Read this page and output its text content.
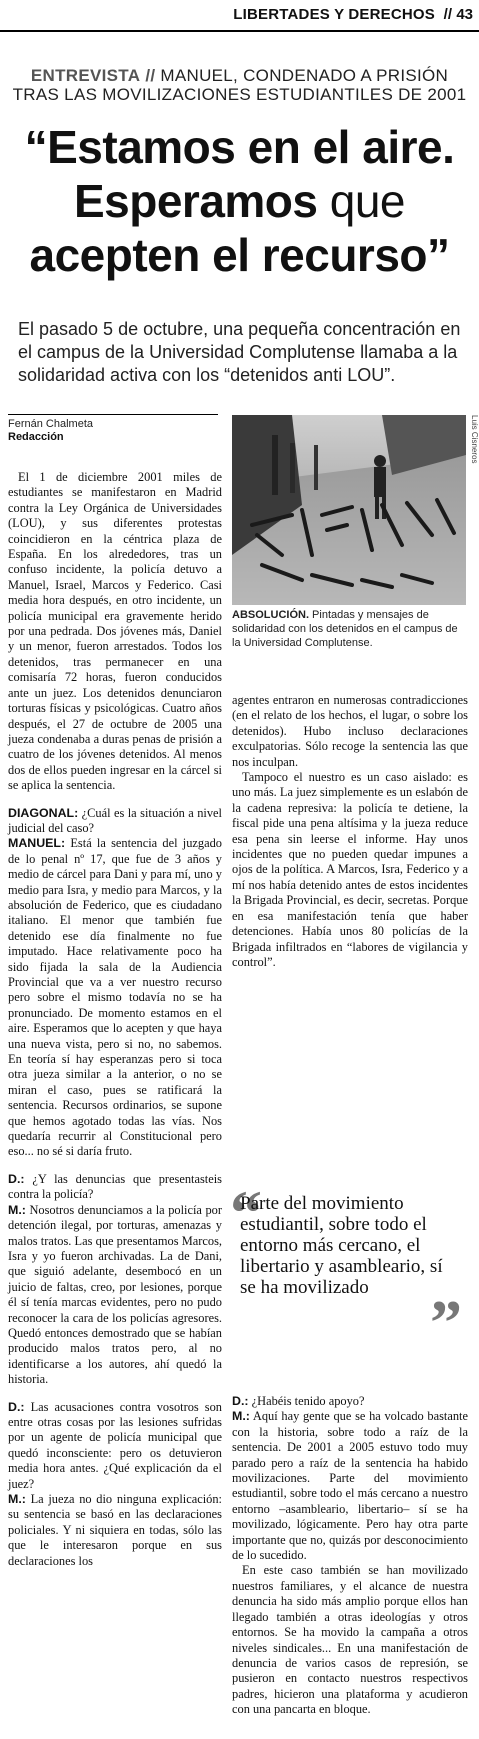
LIBERTADES Y DERECHOS // 43
ENTREVISTA // MANUEL, CONDENADO A PRISIÓN TRAS LAS MOVILIZACIONES ESTUDIANTILES DE 2001
“Estamos en el aire.
Esperamos que
acepten el recurso”
El pasado 5 de octubre, una pequeña concentración en el campus de la Universidad Complutense llamaba a la solidaridad activa con los “detenidos anti LOU”.
Fernán Chalmeta
Redacción

El 1 de diciembre 2001 miles de estudiantes se manifestaron en Madrid contra la Ley Orgánica de Universidades (LOU), y sus diferentes protestas coincidieron en la céntrica plaza de España. En los alrededores, tras un confuso incidente, la policía detuvo a Manuel, Israel, Marcos y Federico. Casi media hora después, en otro incidente, un policía municipal era gravemente herido por una pedrada. Dos jóvenes más, Daniel y un menor, fueron arrestados. Todos los detenidos, tras permanecer en una comisaría 72 horas, fueron conducidos ante un juez. Los detenidos denunciaron torturas físicas y psicológicas. Cuatro años después, el 27 de octubre de 2005 una jueza condenaba a duras penas de prisión a cuatro de los jóvenes detenidos. Al menos dos de ellos pueden ingresar en la cárcel si se aplica la sentencia.

DIAGONAL: ¿Cuál es la situación a nivel judicial del caso?

MANUEL: Está la sentencia del juzgado de lo penal nº 17, que fue de 3 años y medio de cárcel para Dani y para mí, uno y medio para Isra, y medio para Marcos, y la absolución de Federico, que es ciudadano italiano. El menor que también fue detenido ese día finalmente no fue imputado. Hace relativamente poco ha sido fijada la sala de la Audiencia Provincial que va a ver nuestro recurso pero sobre el mismo todavía no se ha pronunciado. De momento estamos en el aire. Esperamos que lo acepten y que haya una nueva vista, pero si no, no sabemos. En teoría sí hay esperanzas pero si toca otra jueza similar a la anterior, o no se miran el caso, pues se ratificará la sentencia. Recursos ordinarios, se supone que hemos agotado todas las vías. Nos quedaría recurrir al Constitucional pero eso... no sé si daría fruto.

D.: ¿Y las denuncias que presentasteis contra la policía?

M.: Nosotros denunciamos a la policía por detención ilegal, por torturas, amenazas y malos tratos. Las que presentamos Marcos, Isra y yo fueron archivadas. La de Dani, que siguió adelante, desembocó en un juicio de faltas, creo, por lesiones, porque él sí tenía marcas evidentes, pero no pudo reconocer la cara de los policías agresores. Quedó entonces demostrado que se habían producido malos tratos pero, al no identificarse a los autores, ahí quedó la historia.

D.: Las acusaciones contra vosotros son entre otras cosas por las lesiones sufridas por un agente de policía municipal que quedó inconsciente: pero os detuvieron media hora antes. ¿Qué explicación da el juez?

M.: La jueza no dio ninguna explicación: su sentencia se basó en las declaraciones policiales. Y ni siquiera en todas, sólo las que le interesaron porque en sus declaraciones los

Luis Cisneros
ABSOLUCIÓN. Pintadas y mensajes de solidaridad con los detenidos en el campus de la Universidad Complutense.

agentes entraron en numerosas contradicciones (en el relato de los hechos, el lugar, o sobre los detenidos). Hubo incluso declaraciones exculpatorias. Sólo recoge la sentencia las que nos inculpan.

Tampoco el nuestro es un caso aislado: es uno más. La juez simplemente es un eslabón de la cadena represiva: la policía te detiene, la fiscal pide una pena altísima y la jueza reduce esa pena sin leerse el informe. Hay unos incidentes que no pueden quedar impunes a ojos de la política. A Marcos, Isra, Federico y a mí nos había detenido antes de estos incidentes la Brigada Provincial, es decir, secretas. Porque en esa manifestación tenía que haber detenciones. Había unos 80 policías de la Brigada infiltrados en “labores de vigilancia y control”.

“
Parte del movimiento estudiantil, sobre todo el entorno más cercano, el libertario y asambleario, sí se ha movilizado ”

D.: ¿Habéis tenido apoyo?

M.: Aquí hay gente que se ha volcado bastante con la historia, sobre todo a raíz de la sentencia. De 2001 a 2005 estuvo todo muy parado pero a raíz de la sentencia ha habido movilizaciones. Parte del movimiento estudiantil, sobre todo el más cercano a nuestro entorno –asambleario, libertario– sí se ha movilizado, lógicamente. Pero hay otra parte importante que no, quizás por desconocimiento de lo sucedido.

En este caso también se han movilizado nuestros familiares, y el alcance de nuestra denuncia ha sido más amplio porque ellos han llegado también a otras ideologías y otros entornos. Se ha movido la campaña a otros niveles sindicales... En una manifestación de denuncia de varios casos de represión, se pusieron en contacto nuestros respectivos padres, hicieron una plataforma y acudieron con una pancarta en bloque.
